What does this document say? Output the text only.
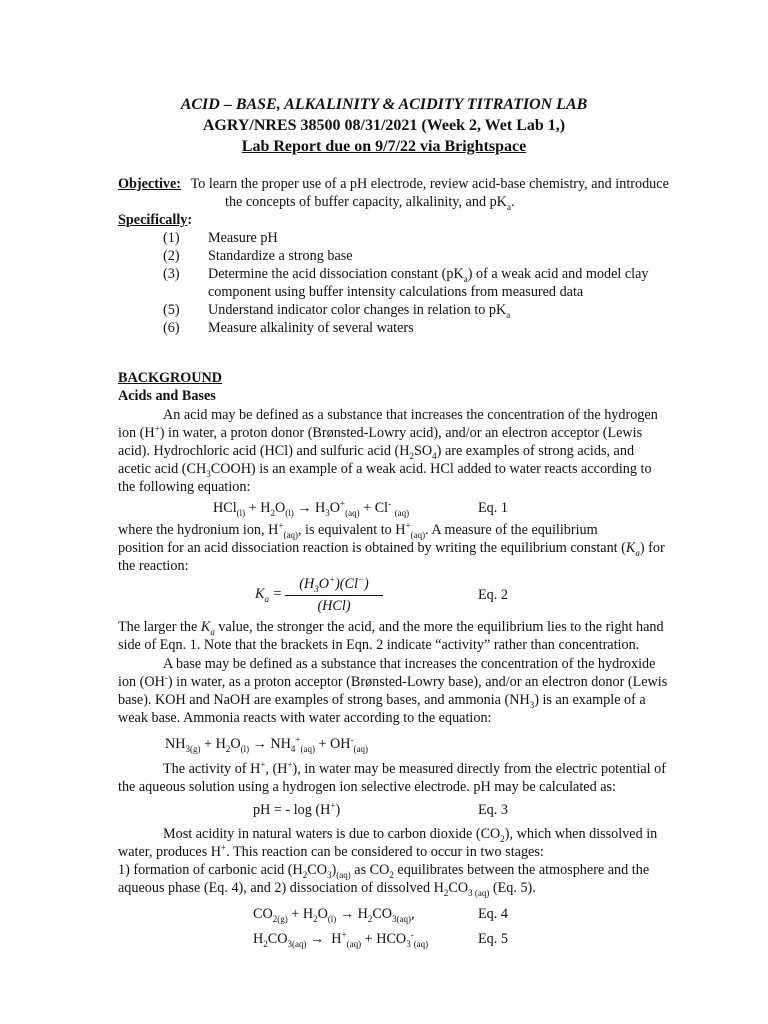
ACID – BASE, ALKALINITY & ACIDITY TITRATION LAB
AGRY/NRES 38500 08/31/2021 (Week 2, Wet Lab 1,)
Lab Report due on 9/7/22 via Brightspace
Objective: To learn the proper use of a pH electrode, review acid-base chemistry, and introduce
the concepts of buffer capacity, alkalinity, and $pK_a$.
Specifically:
(1) Measure pH
(2) Standardize a strong base
(3) Determine the acid dissociation constant $(pK_a)$ of a weak acid and model clay
component using buffer intensity calculations from measured data
(5) Understand indicator color changes in relation to $pK_a$
(6) Measure alkalinity of several waters
BACKGROUND
Acids and Bases
An acid may be defined as a substance that increases the concentration of the hydrogen
ion (H+) in water, a proton donor (Brønsted-Lowry acid), and/or an electron acceptor (Lewis
acid). Hydrochloric acid (HCl) and sulfuric acid $(H_2SO_4)$ are examples of strong acids, and
acetic acid $(CH_3COOH)$ is an example of a weak acid. HCl added to water reacts according to
the following equation:
$HCl_{(l)} + H_2O_{(l)} \to H_3O^+_{(aq)} + Cl^-$ $_{(aq)}$	Eq. 1
where the hydronium ion, $H^+_{(aq)}$, is equivalent to $H^+_{(aq)}$. A measure of the equilibrium
position for an acid dissociation reaction is obtained by writing the equilibrium constant $(K_a)$ for
the reaction:
$K_a$ =
$(H_3O^+)(Cl^-)$
(HCl)
Eq. 2
The larger the $K_a$ value, the stronger the acid, and the more the equilibrium lies to the right hand
side of Eqn. 1. Note that the brackets in Eqn. 2 indicate “activity” rather than concentration.
A base may be defined as a substance that increases the concentration of the hydroxide
ion (OH-) in water, as a proton acceptor (Brønsted-Lowry base), and/or an electron donor (Lewis
base). KOH and NaOH are examples of strong bases, and ammonia $(NH_3)$ is an example of a
weak base. Ammonia reacts with water according to the equation:
$NH_{3(g)} + H_2O_{(l)} \to NH_4^+_{(aq)} + OH^-_{(aq)}$
The activity of H+, (H+), in water may be measured directly from the electric potential of
the aqueous solution using a hydrogen ion selective electrode. pH may be calculated as:
pH = - log (H+)	Eq. 3
Most acidity in natural waters is due to carbon dioxide $(CO_2)$, which when dissolved in
water, produces H+. This reaction can be considered to occur in two stages:
1) formation of carbonic acid $(H_2CO_3)_{(aq)}$ as $CO_2$ equilibrates between the atmosphere and the
aqueous phase (Eq. 4), and 2) dissociation of dissolved $H_2CO_{3 (aq)}$ (Eq. 5).
$CO_{2(g)} + H_2O_{(l)} \to H_2CO_{3(aq)}$,	Eq. 4
$H_2CO_{3(aq)} \to H^+_{(aq)} + HCO_3^-_{(aq)}$	Eq. 5
